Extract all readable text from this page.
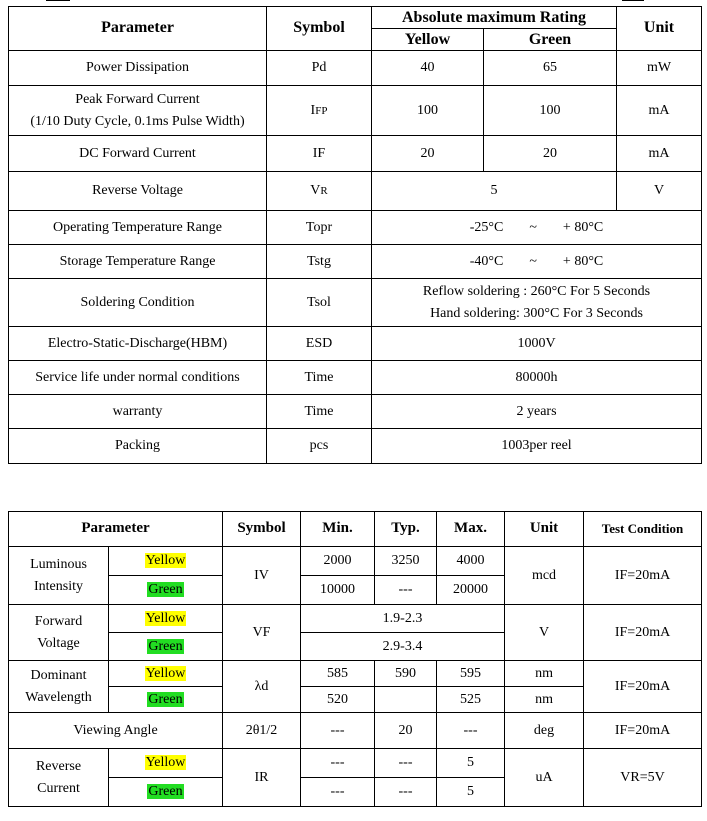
Parameter	Symbol	Absolute maximum Rating		Unit
		Yellow	Green	
Power Dissipation	Pd	40	65	mW

Peak Forward Current
(1/10 Duty Cycle, 0.1ms Pulse Width)	IFP	100	100	mA
DC Forward Current	IF	20	20	mA
Reverse Voltage	VR	5		V
Operating Temperature Range	Topr	-25°C ~ + 80°C		
Storage Temperature Range	Tstg	-40°C ~ + 80°C		
Soldering Condition	Tsol	Reflow soldering : 260°C For 5 Seconds
Hand soldering: 300°C For 3 Seconds		

Electro-Static-Discharge(HBM)	ESD	1000V		
Service life under normal conditions	Time	80000h		
warranty	Time	2 years		
Packing	pcs	1003per reel		
Parameter		Symbol	Min.	Typ.	Max.	Unit	Test Condition

Luminous
Intensity	Yellow	IV	2000	3250	4000	mcd	IF=20mA
	Green		10000	---	20000		

Forward
Voltage	Yellow	VF	1.9-2.3			V	IF=20mA
	Green		2.9-3.4				

Dominant
Wavelength	Yellow	λd	585	590	595	nm	IF=20mA
	Green		520		525	nm	
Viewing Angle		2θ1/2	---	20	---	deg	IF=20mA

Reverse
Current	Yellow	IR	---	---	5	uA	VR=5V
	Green		---	---	5		
